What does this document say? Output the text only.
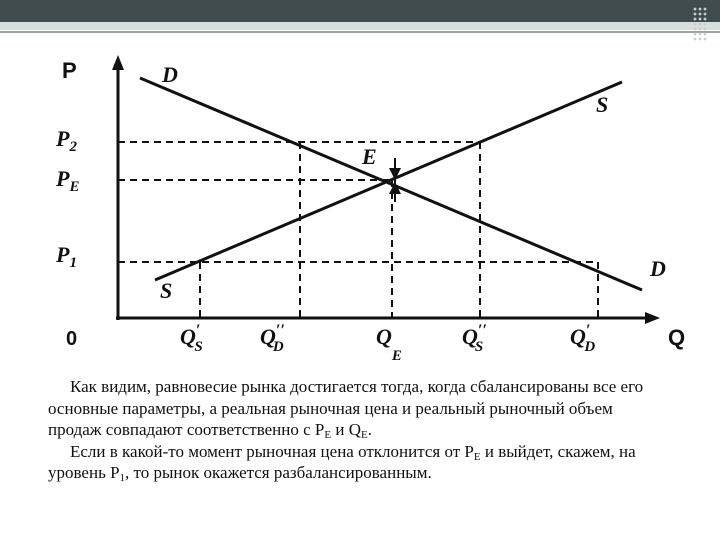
P
Q
0
$P_2$
$P_E$
$P_1$
D
D
S
S
E
Q′ S	Q′′ D	$Q_E$
Q′′ S	Q′ D

Как видим, равновесие рынка достигается тогда, когда сбалансированы все его основные параметры, а реальная рыночная цена и реальный рыночный объем продаж совпадают соответственно с $P_E$ и $Q_E$.

Если в какой-то момент рыночная цена отклонится от $P_E$ и выйдет, скажем, на уровень $P_1$, то рынок окажется разбалансированным.
